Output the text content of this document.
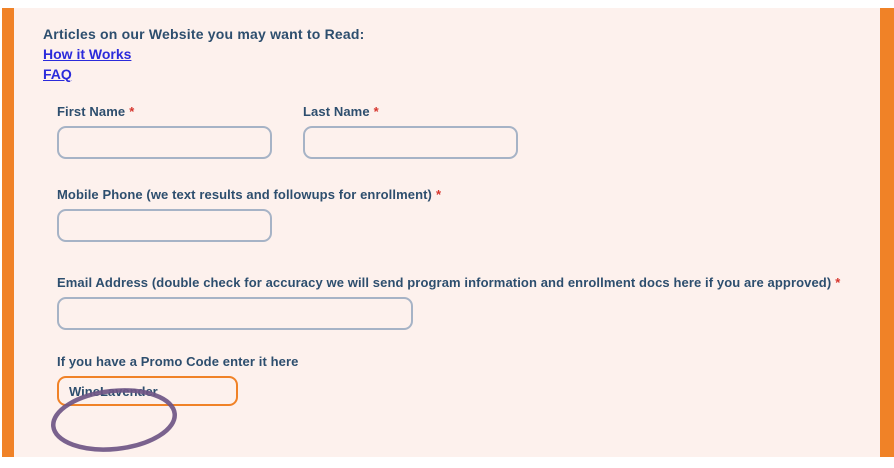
Articles on our Website you may want to Read:
How it Works
FAQ
First Name *	Last Name *
Mobile Phone (we text results and followups for enrollment) *
Email Address (double check for accuracy we will send program information and enrollment docs here if you are approved) *
If you have a Promo Code enter it here
WineLavender
